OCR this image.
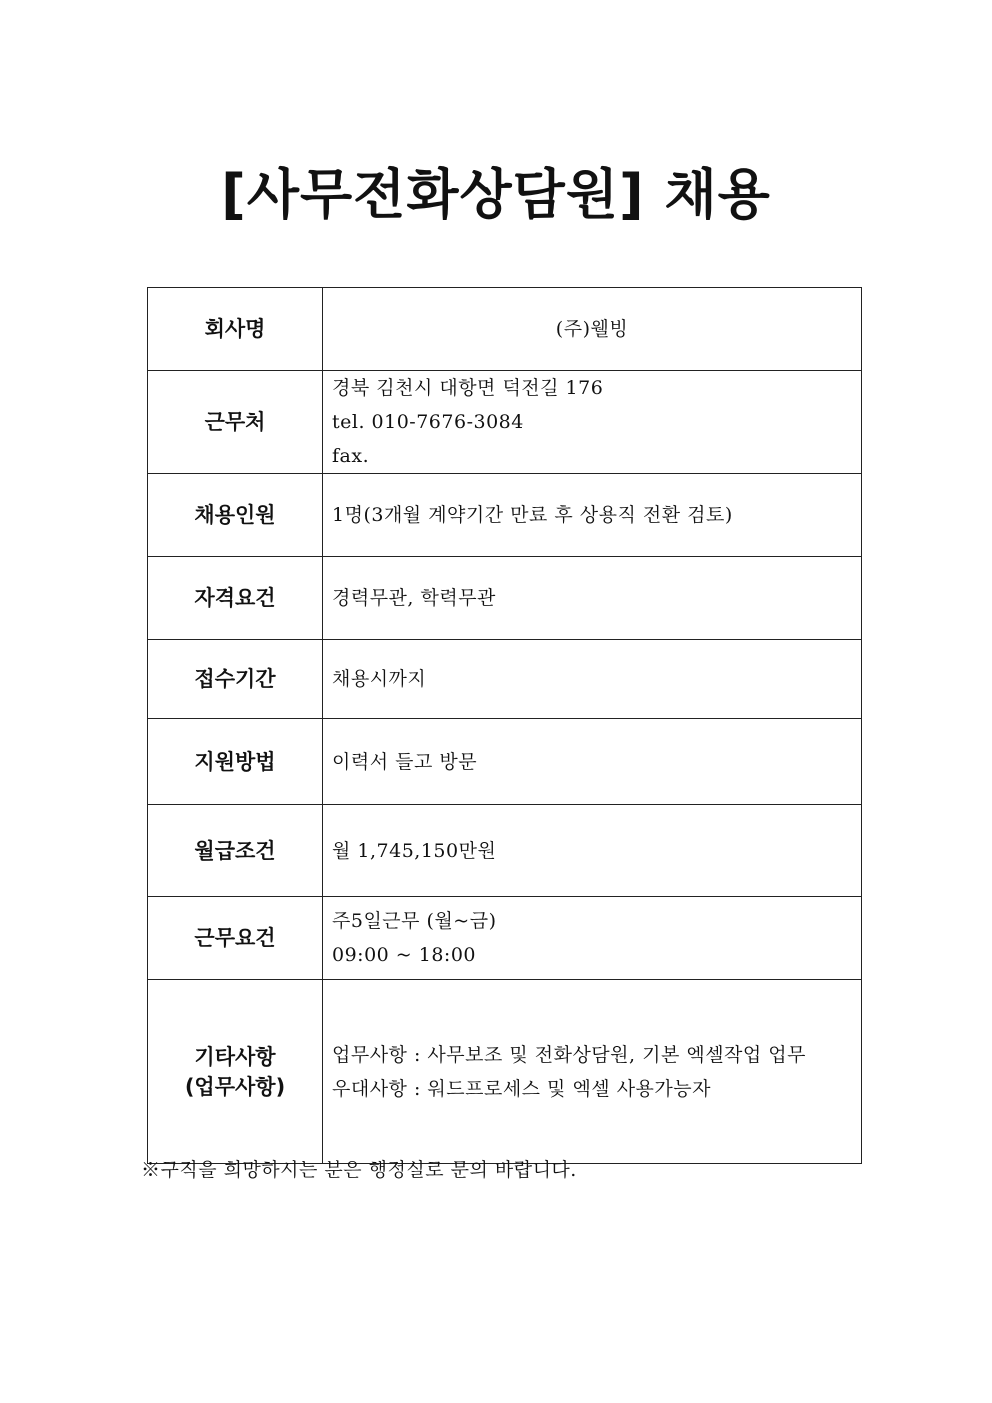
[사무전화상담원] 채용
회사명	(주)웰빙

근무처	경북 김천시 대항면 덕전길 176
tel. 010-7676-3084
fax.

채용인원	1명(3개월 계약기간 만료 후 상용직 전환 검토)

자격요건	경력무관, 학력무관

접수기간	채용시까지

지원방법	이력서 들고 방문

월급조건	월 1,745,150만원

근무요건	주5일근무 (월~금)
09:00 ~ 18:00

기타사항
(업무사항)	업무사항 : 사무보조 및 전화상담원, 기본 엑셀작업 업무
우대사항 : 워드프로세스 및 엑셀 사용가능자
※구직을 희망하시는 분은 행정실로 문의 바랍니다.
